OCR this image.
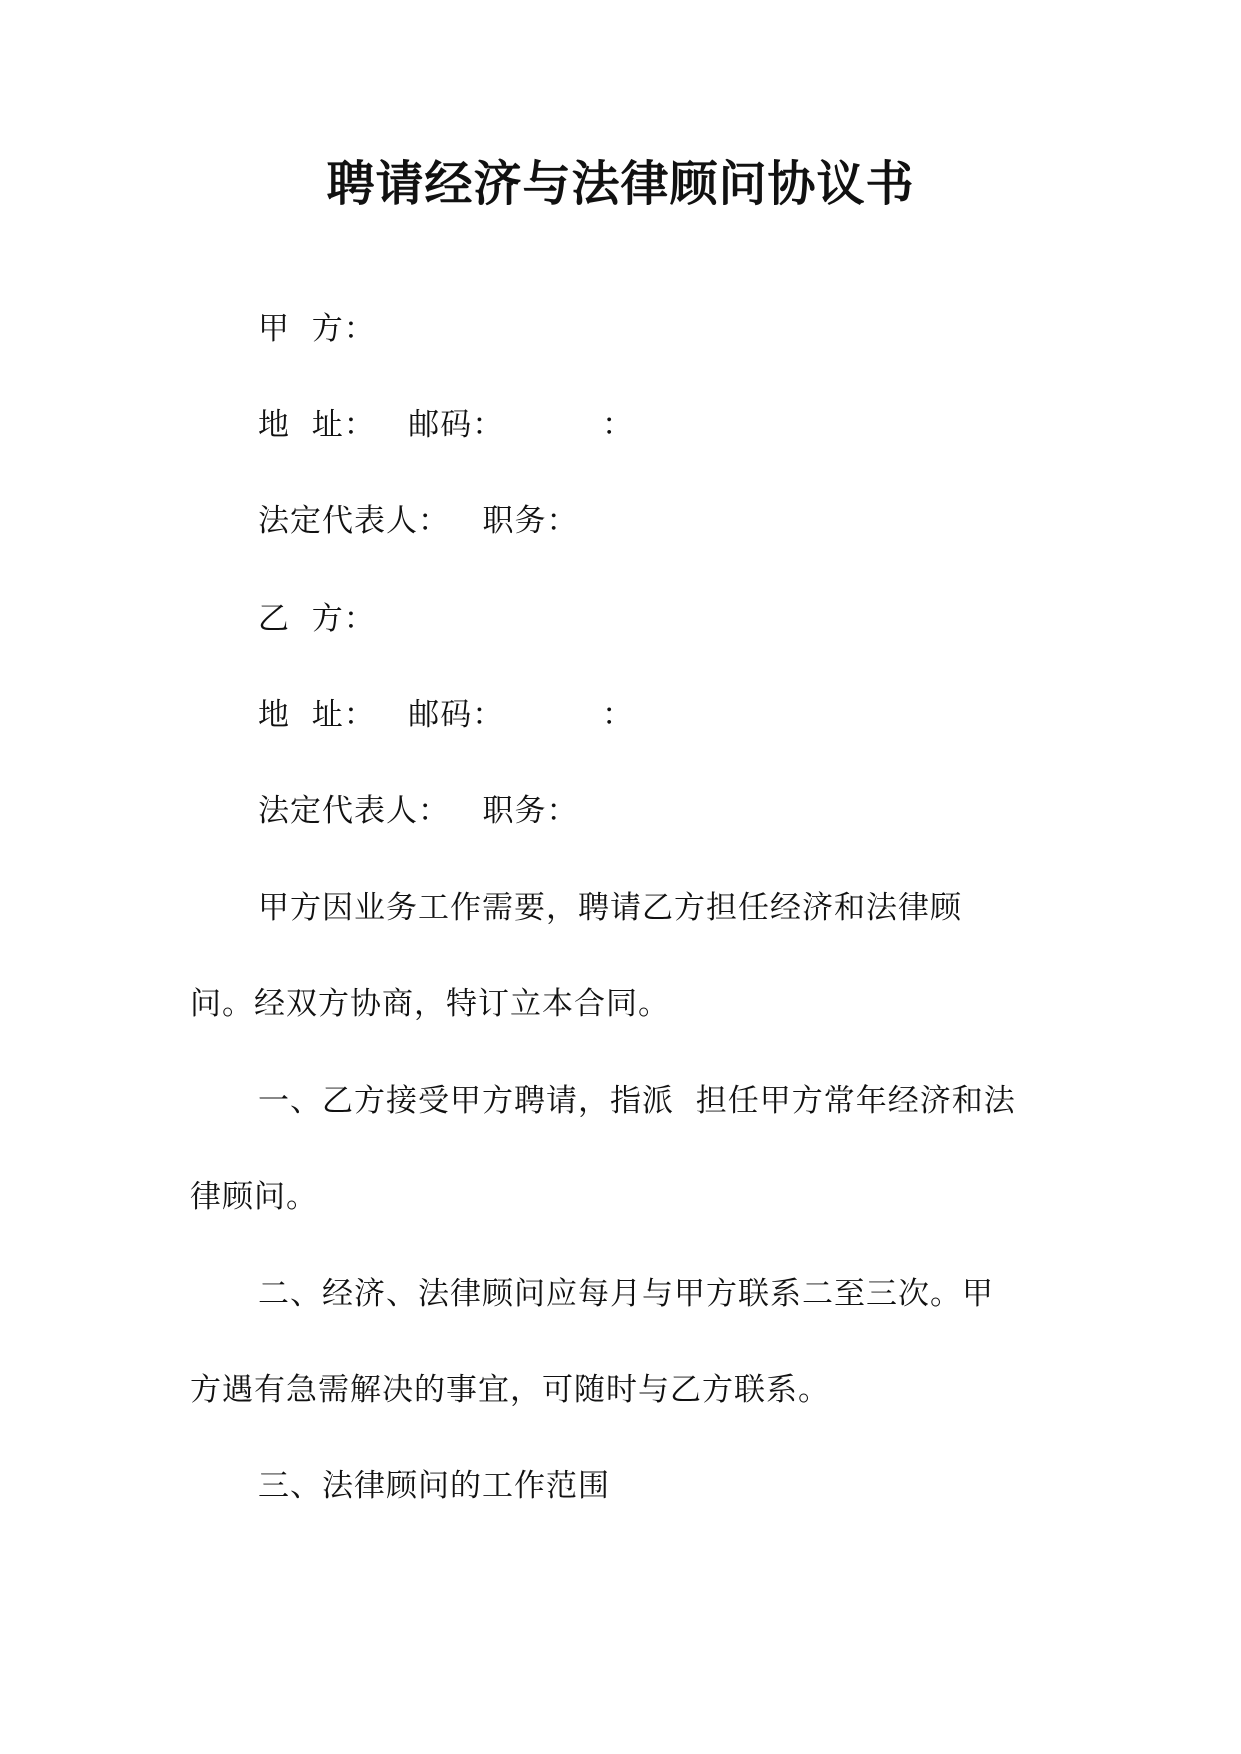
聘请经济与法律顾问协议书
甲  方：
地  址：   邮码：         ：
法定代表人：   职务：
乙  方：
地  址：   邮码：         ：
法定代表人：   职务：
甲方因业务工作需要，聘请乙方担任经济和法律顾
问。经双方协商，特订立本合同。
一、乙方接受甲方聘请，指派  担任甲方常年经济和法
律顾问。
二、经济、法律顾问应每月与甲方联系二至三次。甲
方遇有急需解决的事宜，可随时与乙方联系。
三、法律顾问的工作范围
